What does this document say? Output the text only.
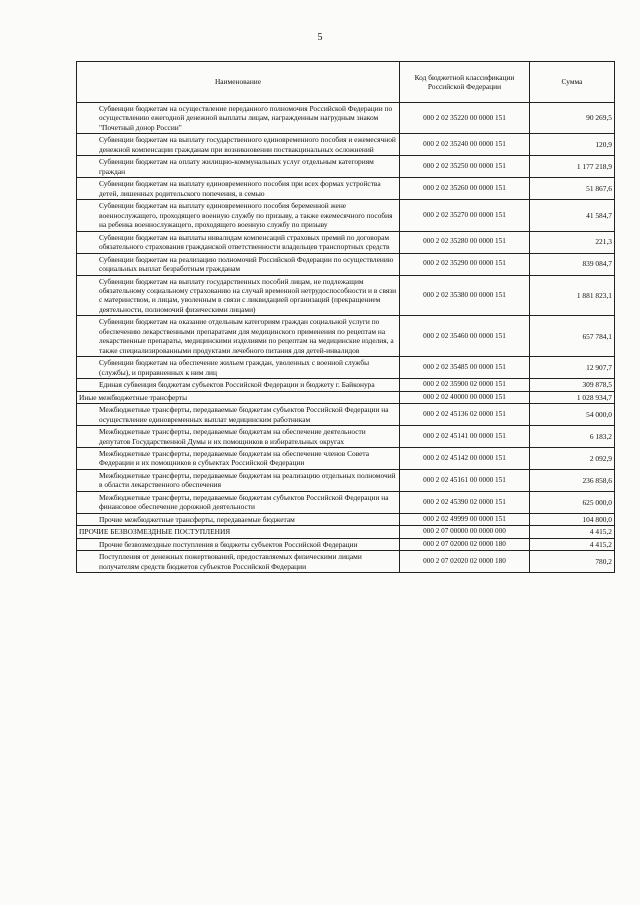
5
Наименование	Код бюджетной классификации Российской Федерации	Сумма
Субвенции бюджетам на осуществление переданного полномочия Российской Федерации по осуществлению ежегодной денежной выплаты лицам, награжденным нагрудным знаком "Почетный донор России"	000 2 02 35220 00 0000 151	90 269,5
Субвенции бюджетам на выплату государственного единовременного пособия и ежемесячной денежной компенсации гражданам при возникновении поствакцинальных осложнений	000 2 02 35240 00 0000 151	120,9
Субвенции бюджетам на оплату жилищно-коммунальных услуг отдельным категориям граждан	000 2 02 35250 00 0000 151	1 177 218,9
Субвенции бюджетам на выплату единовременного пособия при всех формах устройства детей, лишенных родительского попечения, в семью	000 2 02 35260 00 0000 151	51 867,6
Субвенции бюджетам на выплату единовременного пособия беременной жене военнослужащего, проходящего военную службу по призыву, а также ежемесячного пособия на ребенка военнослужащего, проходящего военную службу по призыву	000 2 02 35270 00 0000 151	41 584,7
Субвенции бюджетам на выплаты инвалидам компенсаций страховых премий по договорам обязательного страхования гражданской ответственности владельцев транспортных средств	000 2 02 35280 00 0000 151	221,3
Субвенции бюджетам на реализацию полномочий Российской Федерации по осуществлению социальных выплат безработным гражданам	000 2 02 35290 00 0000 151	839 084,7
Субвенции бюджетам на выплату государственных пособий лицам, не подлежащим обязательному социальному страхованию на случай временной нетрудоспособности и в связи с материнством, и лицам, уволенным в связи с ликвидацией организаций (прекращением деятельности, полномочий физическими лицами)	000 2 02 35380 00 0000 151	1 881 823,1
Субвенции бюджетам на оказание отдельным категориям граждан социальной услуги по обеспечению лекарственными препаратами для медицинского применения по рецептам на лекарственные препараты, медицинскими изделиями по рецептам на медицинские изделия, а также специализированными продуктами лечебного питания для детей-инвалидов	000 2 02 35460 00 0000 151	657 784,1
Субвенции бюджетам на обеспечение жильем граждан, уволенных с военной службы (службы), и приравненных к ним лиц	000 2 02 35485 00 0000 151	12 907,7
Единая субвенция бюджетам субъектов Российской Федерации и бюджету г. Байконура	000 2 02 35900 02 0000 151	309 878,5
Иные межбюджетные трансферты	000 2 02 40000 00 0000 151	1 028 934,7
Межбюджетные трансферты, передаваемые бюджетам субъектов Российской Федерации на осуществление единовременных выплат медицинским работникам	000 2 02 45136 02 0000 151	54 000,0
Межбюджетные трансферты, передаваемые бюджетам на обеспечение деятельности депутатов Государственной Думы и их помощников в избирательных округах	000 2 02 45141 00 0000 151	6 183,2
Межбюджетные трансферты, передаваемые бюджетам на обеспечение членов Совета Федерации и их помощников в субъектах Российской Федерации	000 2 02 45142 00 0000 151	2 092,9
Межбюджетные трансферты, передаваемые бюджетам на реализацию отдельных полномочий в области лекарственного обеспечения	000 2 02 45161 00 0000 151	236 858,6
Межбюджетные трансферты, передаваемые бюджетам субъектов Российской Федерации на финансовое обеспечение дорожной деятельности	000 2 02 45390 02 0000 151	625 000,0
Прочие межбюджетные трансферты, передаваемые бюджетам	000 2 02 49999 00 0000 151	104 800,0
ПРОЧИЕ БЕЗВОЗМЕЗДНЫЕ ПОСТУПЛЕНИЯ	000 2 07 00000 00 0000 000	4 415,2
Прочие безвозмездные поступления в бюджеты субъектов Российской Федерации	000 2 07 02000 02 0000 180	4 415,2
Поступления от денежных пожертвований, предоставляемых физическими лицами получателям средств бюджетов субъектов Российской Федерации	000 2 07 02020 02 0000 180	780,2
